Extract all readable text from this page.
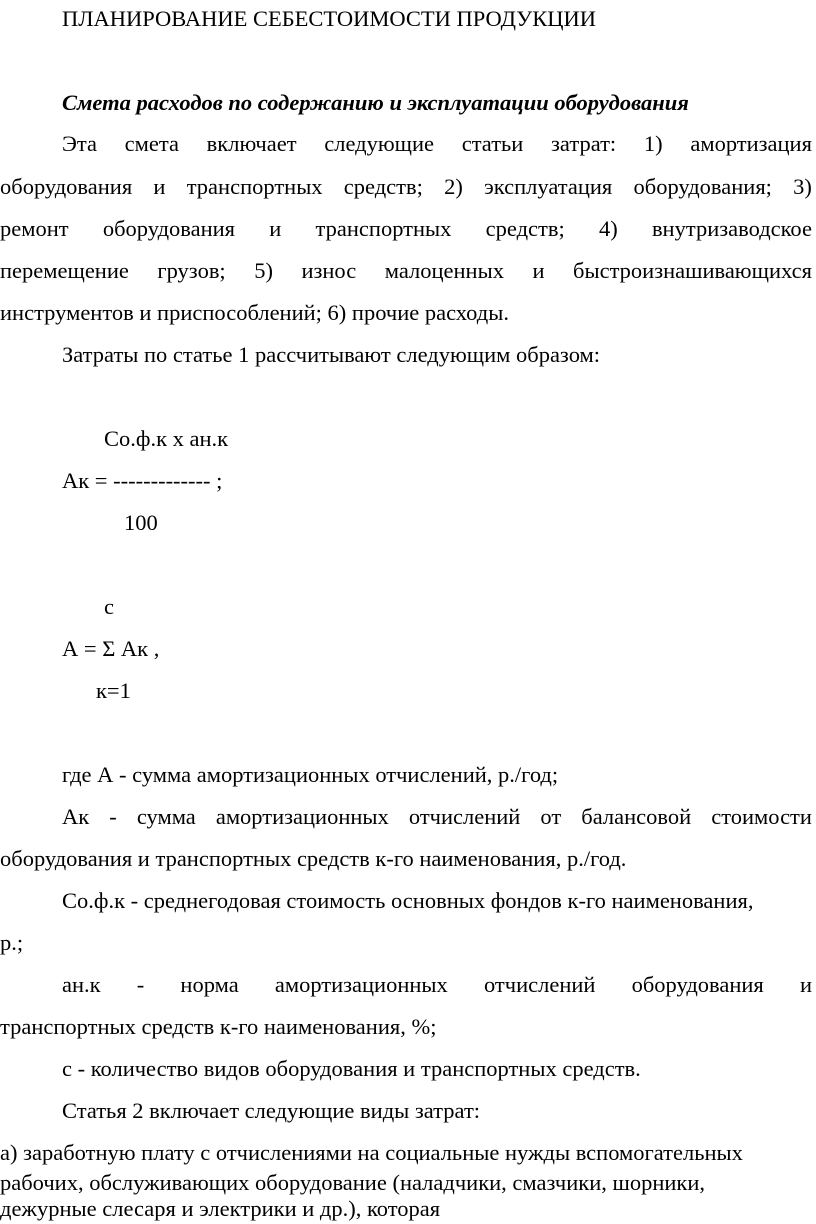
ПЛАНИРОВАНИЕ СЕБЕСТОИМОСТИ ПРОДУКЦИИ
Смета расходов по содержанию и эксплуатации оборудования
Эта смета включает следующие статьи затрат: 1) амортизация
оборудования и транспортных средств; 2) эксплуатация оборудования; 3)
ремонт оборудования и транспортных средств; 4) внутризаводское
перемещение грузов; 5) износ малоценных и быстроизнашивающихся
инструментов и приспособлений; 6) прочие расходы.
Затраты по статье 1 рассчитывают следующим образом:
Со.ф.к х ан.к
Ак = ------------- ;
100
с
А = Σ Ак ,
к=1
где А - сумма амортизационных отчислений, р./год;
Ак - сумма амортизационных отчислений от балансовой стоимости
оборудования и транспортных средств к-го наименования, р./год.
Со.ф.к - среднегодовая стоимость основных фондов к-го наименования,
р.;
ан.к - норма амортизационных отчислений оборудования и
транспортных средств к-го наименования, %;
с - количество видов оборудования и транспортных средств.
Статья 2 включает следующие виды затрат:
а) заработную плату с отчислениями на социальные нужды вспомогательных
рабочих, обслуживающих оборудование (наладчики, смазчики, шорники,
дежурные слесаря и электрики и др.), которая
